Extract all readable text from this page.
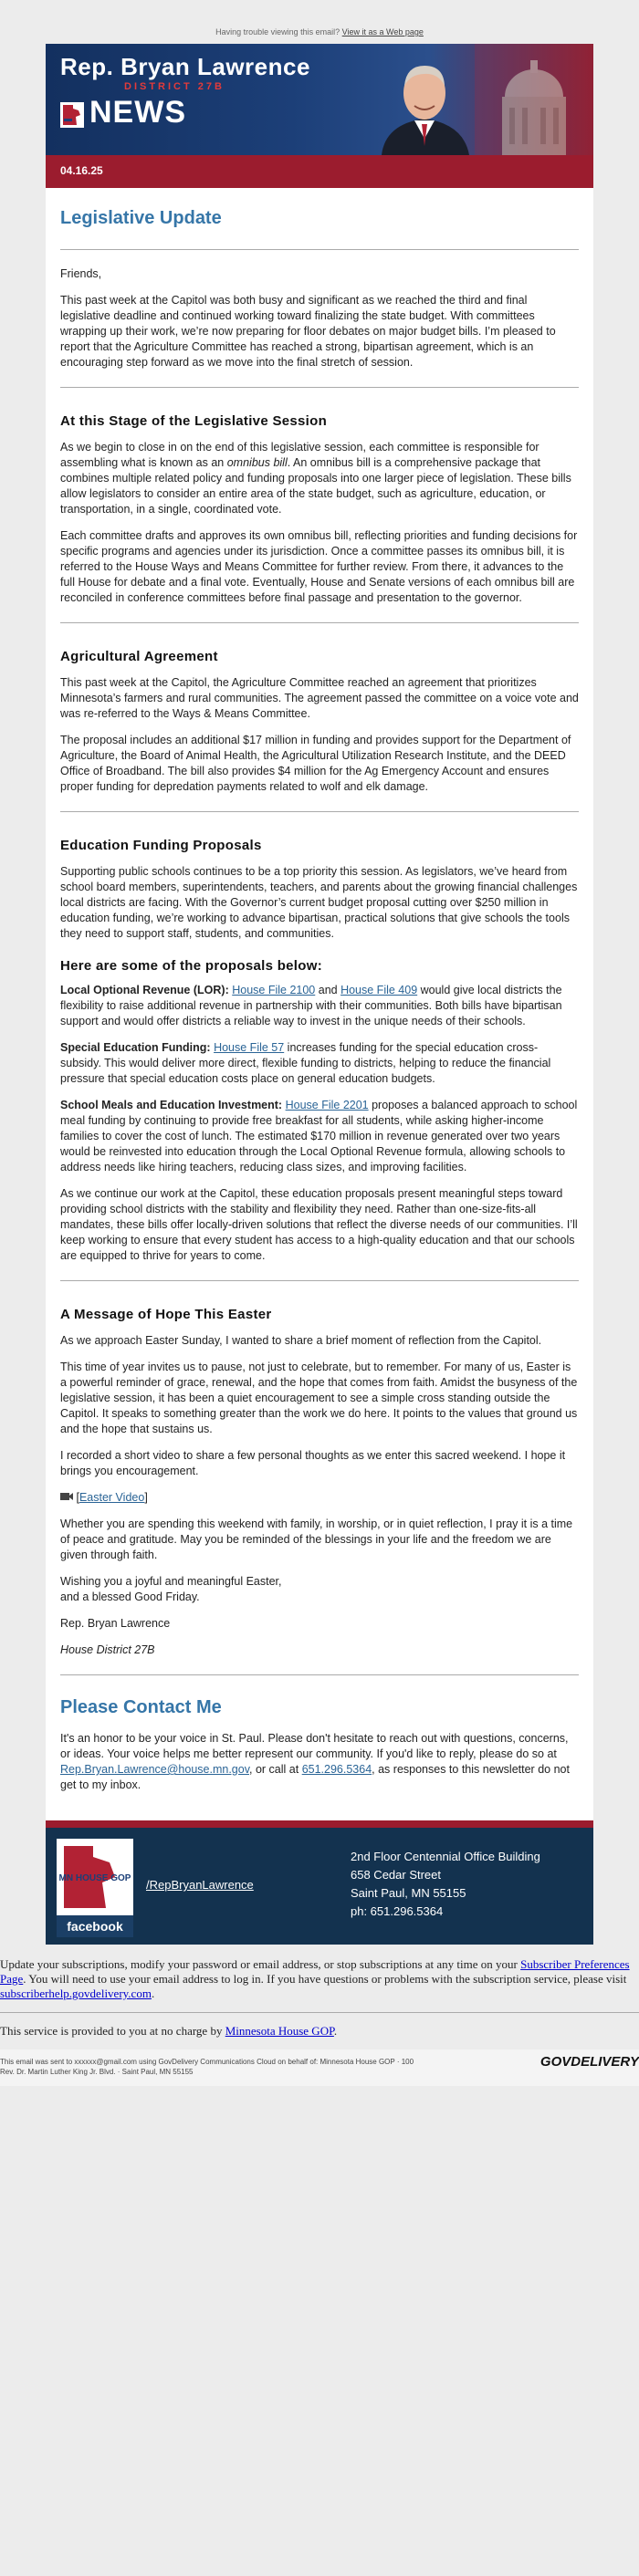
Having trouble viewing this email? View it as a Web page
Rep. Bryan Lawrence
DISTRICT 27B
NEWS
04.16.25
Legislative Update

Friends,

This past week at the Capitol was both busy and significant as we reached the third and final legislative deadline and continued working toward finalizing the state budget. With committees wrapping up their work, we’re now preparing for floor debates on major budget bills. I’m pleased to report that the Agriculture Committee has reached a strong, bipartisan agreement, which is an encouraging step forward as we move into the final stretch of session.

At this Stage of the Legislative Session

As we begin to close in on the end of this legislative session, each committee is responsible for assembling what is known as an omnibus bill. An omnibus bill is a comprehensive package that combines multiple related policy and funding proposals into one larger piece of legislation. These bills allow legislators to consider an entire area of the state budget, such as agriculture, education, or transportation, in a single, coordinated vote.

Each committee drafts and approves its own omnibus bill, reflecting priorities and funding decisions for specific programs and agencies under its jurisdiction. Once a committee passes its omnibus bill, it is referred to the House Ways and Means Committee for further review. From there, it advances to the full House for debate and a final vote. Eventually, House and Senate versions of each omnibus bill are reconciled in conference committees before final passage and presentation to the governor.

Agricultural Agreement

This past week at the Capitol, the Agriculture Committee reached an agreement that prioritizes Minnesota’s farmers and rural communities. The agreement passed the committee on a voice vote and was re-referred to the Ways & Means Committee.

The proposal includes an additional $17 million in funding and provides support for the Department of Agriculture, the Board of Animal Health, the Agricultural Utilization Research Institute, and the DEED Office of Broadband. The bill also provides $4 million for the Ag Emergency Account and ensures proper funding for depredation payments related to wolf and elk damage.

Education Funding Proposals

Supporting public schools continues to be a top priority this session. As legislators, we’ve heard from school board members, superintendents, teachers, and parents about the growing financial challenges local districts are facing. With the Governor’s current budget proposal cutting over $250 million in education funding, we’re working to advance bipartisan, practical solutions that give schools the tools they need to support staff, students, and communities.

Here are some of the proposals below:

Local Optional Revenue (LOR): House File 2100 and House File 409 would give local districts the flexibility to raise additional revenue in partnership with their communities. Both bills have bipartisan support and would offer districts a reliable way to invest in the unique needs of their schools.

Special Education Funding: House File 57 increases funding for the special education cross-subsidy. This would deliver more direct, flexible funding to districts, helping to reduce the financial pressure that special education costs place on general education budgets.

School Meals and Education Investment: House File 2201 proposes a balanced approach to school meal funding by continuing to provide free breakfast for all students, while asking higher-income families to cover the cost of lunch. The estimated $170 million in revenue generated over two years would be reinvested into education through the Local Optional Revenue formula, allowing schools to address needs like hiring teachers, reducing class sizes, and improving facilities.

As we continue our work at the Capitol, these education proposals present meaningful steps toward providing school districts with the stability and flexibility they need. Rather than one-size-fits-all mandates, these bills offer locally-driven solutions that reflect the diverse needs of our communities. I’ll keep working to ensure that every student has access to a high-quality education and that our schools are equipped to thrive for years to come.

A Message of Hope This Easter

As we approach Easter Sunday, I wanted to share a brief moment of reflection from the Capitol.

This time of year invites us to pause, not just to celebrate, but to remember. For many of us, Easter is a powerful reminder of grace, renewal, and the hope that comes from faith. Amidst the busyness of the legislative session, it has been a quiet encouragement to see a simple cross standing outside the Capitol. It speaks to something greater than the work we do here. It points to the values that ground us and the hope that sustains us.

I recorded a short video to share a few personal thoughts as we enter this sacred weekend. I hope it brings you encouragement.

[Easter Video]

Whether you are spending this weekend with family, in worship, or in quiet reflection, I pray it is a time of peace and gratitude. May you be reminded of the blessings in your life and the freedom we are given through faith.

Wishing you a joyful and meaningful Easter,
and a blessed Good Friday.

Rep. Bryan Lawrence

House District 27B

Please Contact Me

It's an honor to be your voice in St. Paul. Please don't hesitate to reach out with questions, concerns, or ideas. Your voice helps me better represent our community. If you'd like to reply, please do so at Rep.Bryan.Lawrence@house.mn.gov, or call at 651.296.5364, as responses to this newsletter do not get to my inbox.

MN HOUSE GOP
facebook
/RepBryanLawrence
2nd Floor Centennial Office Building
658 Cedar Street
Saint Paul, MN 55155
ph: 651.296.5364

Update your subscriptions, modify your password or email address, or stop subscriptions at any time on your Subscriber Preferences Page. You will need to use your email address to log in. If you have questions or problems with the subscription service, please visit subscriberhelp.govdelivery.com.

This service is provided to you at no charge by Minnesota House GOP.

This email was sent to xxxxxx@gmail.com using GovDelivery Communications Cloud on behalf of: Minnesota House GOP · 100
Rev. Dr. Martin Luther King Jr. Blvd. · Saint Paul, MN 55155
GOVDELIVERY
